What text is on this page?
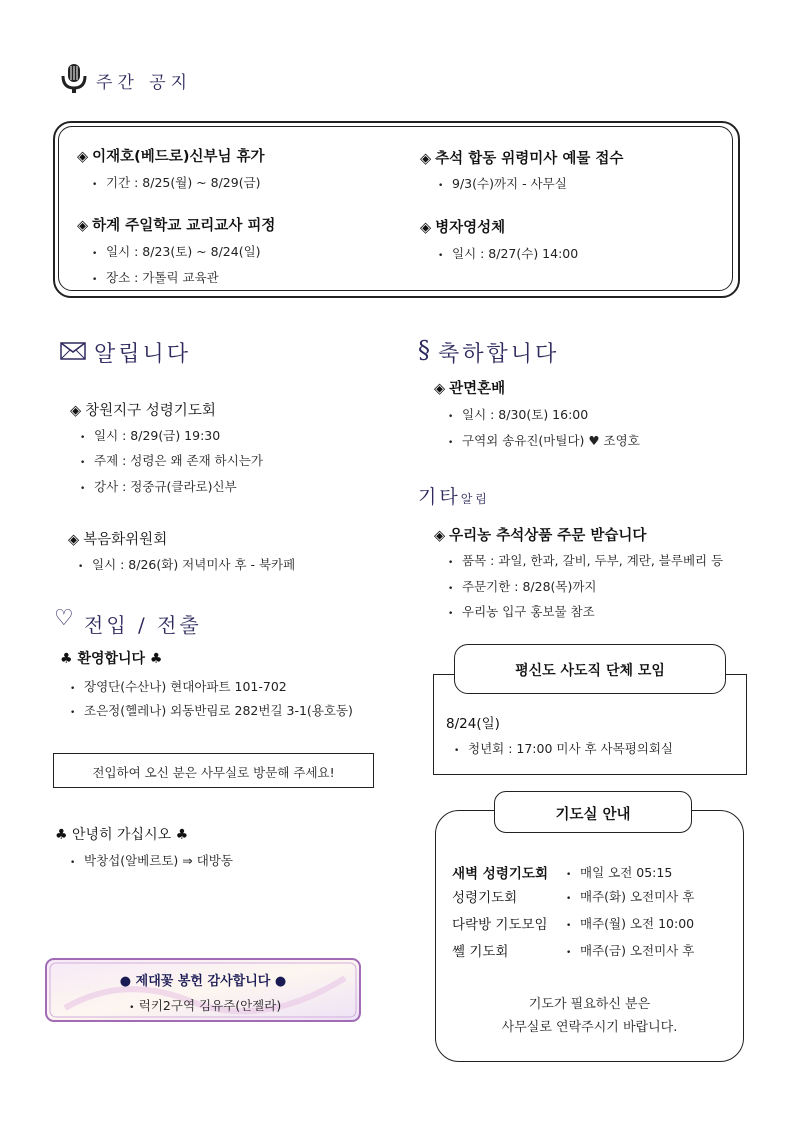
주간 공지
◈ 이재호(베드로)신부님 휴가
• 기간 : 8/25(월) ~ 8/29(금)
◈ 하계 주일학교 교리교사 피정
• 일시 : 8/23(토) ~ 8/24(일)
• 장소 : 가톨릭 교육관
◈ 추석 합동 위령미사 예물 접수
• 9/3(수)까지 - 사무실
◈ 병자영성체
• 일시 : 8/27(수) 14:00
알립니다
◈ 창원지구 성령기도회
• 일시 : 8/29(금) 19:30
• 주제 : 성령은 왜 존재 하시는가
• 강사 : 정중규(클라로)신부
◈ 복음화위원회
• 일시 : 8/26(화) 저녁미사 후 - 북카페
§ 축하합니다
◈ 관면혼배
• 일시 : 8/30(토) 16:00
• 구역외 송유진(마틸다) ♥ 조영호
기타알림
◈ 우리농 추석상품 주문 받습니다
• 품목 : 과일, 한과, 갈비, 두부, 계란, 블루베리 등
• 주문기한 : 8/28(목)까지
• 우리농 입구 홍보물 참조
♡ 전입 / 전출
♣ 환영합니다 ♣
• 장영단(수산나) 현대아파트 101-702
• 조은정(헬레나) 외동반림로 282번길 3-1(용호동)
전입하여 오신 분은 사무실로 방문해 주세요!
♣ 안녕히 가십시오 ♣
• 박창섭(알베르토) ⇒ 대방동
● 제대꽃 봉헌 감사합니다 ●
• 럭키2구역 김유주(안젤라)
평신도 사도직 단체 모임
8/24(일)
• 청년회 : 17:00 미사 후 사목평의회실
기도실 안내
새벽 성령기도회 • 매일 오전 05:15
성령기도회	• 매주(화) 오전미사 후
다락방 기도모임 • 매주(월) 오전 10:00
쎌 기도회	• 매주(금) 오전미사 후
기도가 필요하신 분은
사무실로 연락주시기 바랍니다.
